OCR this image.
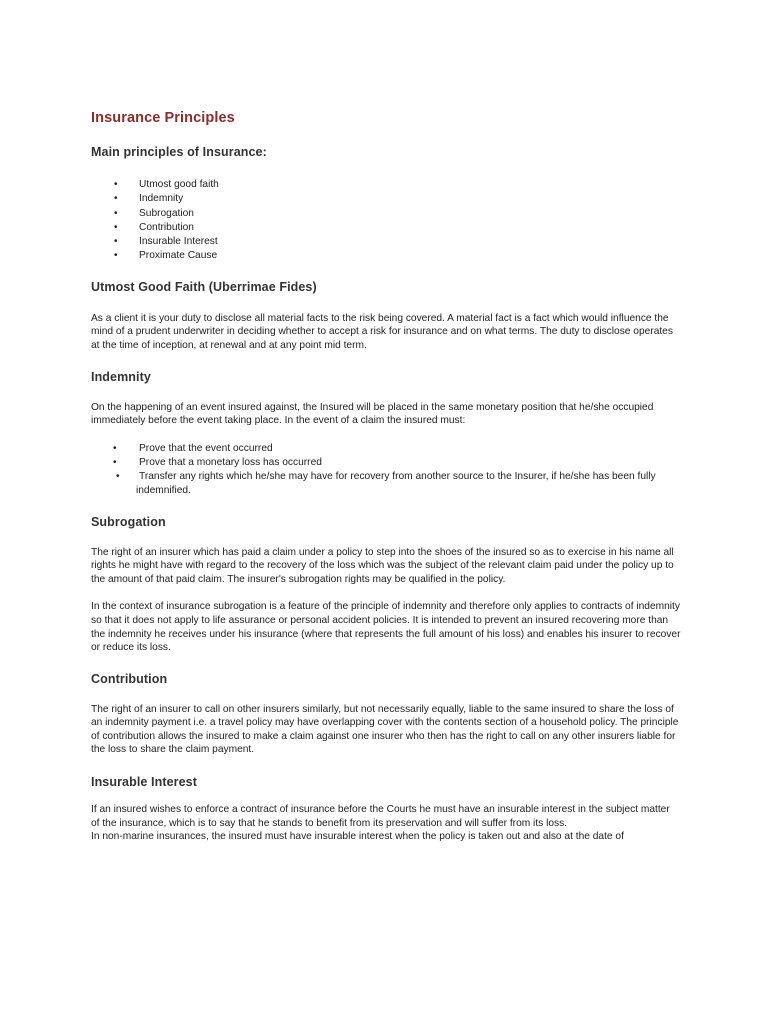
Insurance Principles
Main principles of Insurance:
• Utmost good faith
• Indemnity
• Subrogation
• Contribution
• Insurable Interest
• Proximate Cause
Utmost Good Faith (Uberrimae Fides)

As a client it is your duty to disclose all material facts to the risk being covered. A material fact is a fact which would influence the mind of a prudent underwriter in deciding whether to accept a risk for insurance and on what terms. The duty to disclose operates at the time of inception, at renewal and at any point mid term.

Indemnity

On the happening of an event insured against, the Insured will be placed in the same monetary position that he/she occupied immediately before the event taking place. In the event of a claim the insured must:

• Prove that the event occurred
• Prove that a monetary loss has occurred
• Transfer any rights which he/she may have for recovery from another source to the Insurer, if he/she has been fully indemnified.
Subrogation

The right of an insurer which has paid a claim under a policy to step into the shoes of the insured so as to exercise in his name all rights he might have with regard to the recovery of the loss which was the subject of the relevant claim paid under the policy up to the amount of that paid claim. The insurer's subrogation rights may be qualified in the policy.

In the context of insurance subrogation is a feature of the principle of indemnity and therefore only applies to contracts of indemnity so that it does not apply to life assurance or personal accident policies. It is intended to prevent an insured recovering more than the indemnity he receives under his insurance (where that represents the full amount of his loss) and enables his insurer to recover or reduce its loss.

Contribution

The right of an insurer to call on other insurers similarly, but not necessarily equally, liable to the same insured to share the loss of an indemnity payment i.e. a travel policy may have overlapping cover with the contents section of a household policy. The principle of contribution allows the insured to make a claim against one insurer who then has the right to call on any other insurers liable for the loss to share the claim payment.

Insurable Interest

If an insured wishes to enforce a contract of insurance before the Courts he must have an insurable interest in the subject matter of the insurance, which is to say that he stands to benefit from its preservation and will suffer from its loss.

In non-marine insurances, the insured must have insurable interest when the policy is taken out and also at the date of
